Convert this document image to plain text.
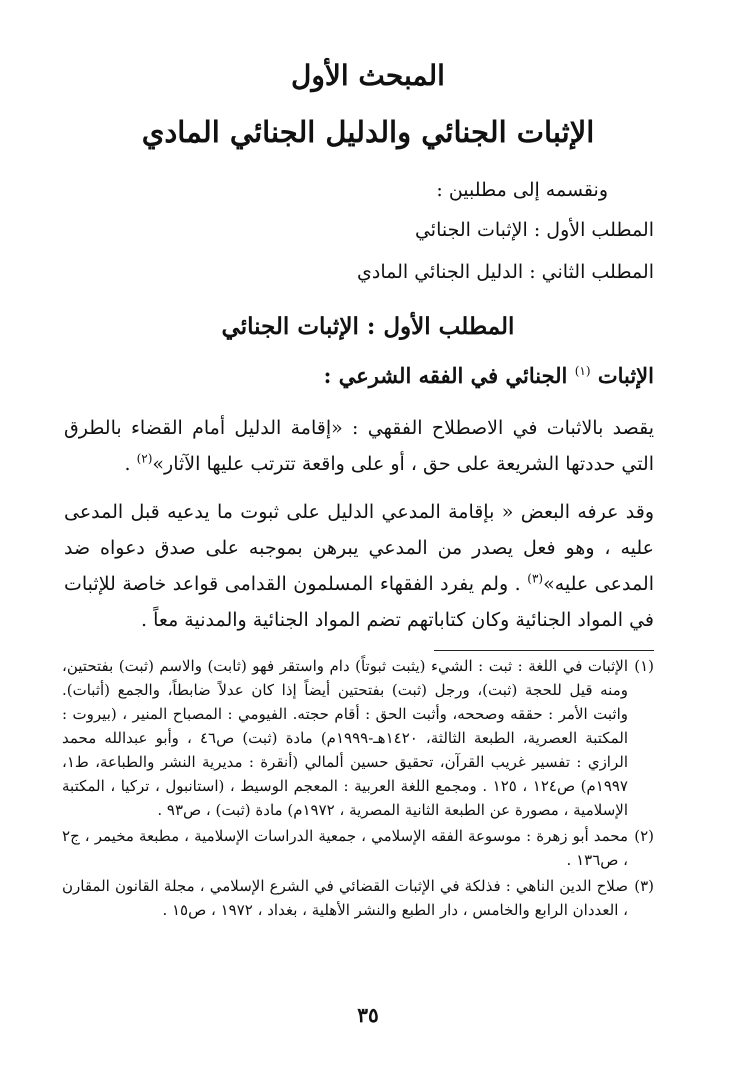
المبحث الأول
الإثبات الجنائي والدليل الجنائي المادي
ونقسمه إلى مطلبين :
المطلب الأول : الإثبات الجنائي
المطلب الثاني : الدليل الجنائي المادي
المطلب الأول : الإثبات الجنائي
الإثبات $^{(١)}$ الجنائي في الفقه الشرعي :
يقصد بالاثبات في الاصطلاح الفقهي : «إقامة الدليل أمام القضاء بالطرق التي حددتها الشريعة على حق ، أو على واقعة تترتب عليها الآثار»$^{(٢)}$ .
وقد عرفه البعض « بإقامة المدعي الدليل على ثبوت ما يدعيه قبل المدعى عليه ، وهو فعل يصدر من المدعي يبرهن بموجبه على صدق دعواه ضد المدعى عليه»$^{(٣)}$ . ولم يفرد الفقهاء المسلمون القدامى قواعد خاصة للإثبات في المواد الجنائية وكان كتاباتهم تضم المواد الجنائية والمدنية معاً .
(١)
الإثبات في اللغة : ثبت : الشيء (يثبت ثبوتاً) دام واستقر فهو (ثابت) والاسم (ثبت) بفتحتين، ومنه قيل للحجة (ثبت)، ورجل (ثبت) بفتحتين أيضاً إذا كان عدلاً ضابطاً، والجمع (أثبات). واثبت الأمر : حققه وصححه، وأثبت الحق : أقام حجته. الفيومي : المصباح المنير ، (بيروت : المكتبة العصرية، الطبعة الثالثة، ١٤٢٠هـ-١٩٩٩م) مادة (ثبت) ص٤٦ ، وأبو عبدالله محمد الرازي : تفسير غريب القرآن، تحقيق حسين ألمالي (أنقرة : مديرية النشر والطباعة، ط١، ١٩٩٧م) ص١٢٤ ، ١٢٥ . ومجمع اللغة العربية : المعجم الوسيط ، (استانبول ، تركيا ، المكتبة الإسلامية ، مصورة عن الطبعة الثانية المصرية ، ١٩٧٢م) مادة (ثبت) ، ص٩٣ .
(٢)
محمد أبو زهرة : موسوعة الفقه الإسلامي ، جمعية الدراسات الإسلامية ، مطبعة مخيمر ، ج٢ ، ص١٣٦ .
(٣)
صلاح الدين الناهي : فذلكة في الإثبات القضائي في الشرع الإسلامي ، مجلة القانون المقارن ، العددان الرابع والخامس ، دار الطبع والنشر الأهلية ، بغداد ، ١٩٧٢ ، ص١٥ .
٣٥
